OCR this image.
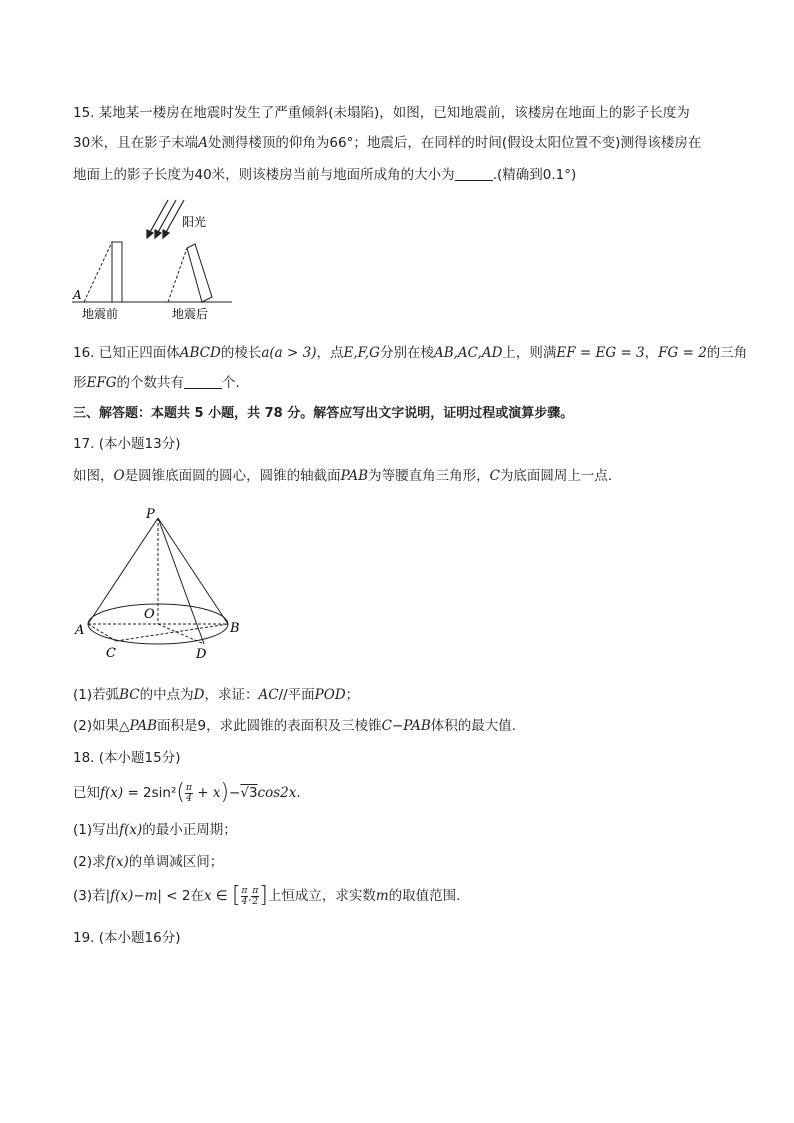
15. 某地某一楼房在地震时发生了严重倾斜(未塌陷)，如图，已知地震前，该楼房在地面上的影子长度为
30米，且在影子末端A处测得楼顶的仰角为66°；地震后，在同样的时间(假设太阳位置不变)测得该楼房在
地面上的影子长度为40米，则该楼房当前与地面所成角的大小为	.(精确到0.1°)
阳光
A
地震前	地震后
16. 已知正四面体ABCD的棱长a(a > 3)，点E,F,G分别在棱AB,AC,AD上，则满EF = EG = 3，FG = 2的三角
形EFG的个数共有	个.
三、解答题：本题共 5 小题，共 78 分。解答应写出文字说明，证明过程或演算步骤。
17. (本小题13分)
如图，O是圆锥底面圆的圆心，圆锥的轴截面PAB为等腰直角三角形，C为底面圆周上一点.
P
O
A	B
C	D
(1)若弧BC的中点为D，求证：AC//平面POD；
(2)如果△PAB面积是9，求此圆锥的表面积及三棱锥C−PAB体积的最大值.
18. (本小题15分)
已知$f(x) = 2\sin^2( \frac{\pi}{4} + x)-√3\cos 2x$.
(1)写出f(x)的最小正周期；
(2)求f(x)的单调减区间；
(3)若|f(x)−m| < 2在x ∈ [ $\frac{\pi}{4}$ , $\frac{\pi}{2}$ ]上恒成立，求实数m的取值范围.
19. (本小题16分)
